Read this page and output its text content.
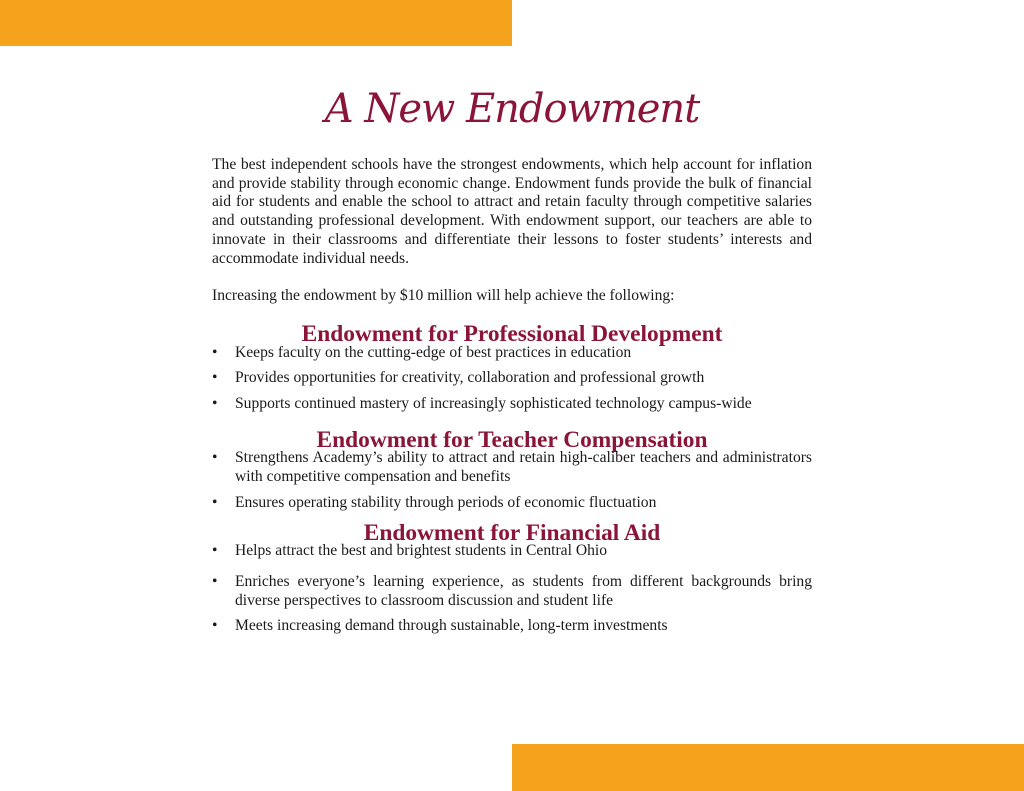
A New Endowment

The best independent schools have the strongest endowments, which help account for inflation and provide stability through economic change. Endowment funds provide the bulk of financial aid for students and enable the school to attract and retain faculty through competitive salaries and outstanding professional development. With endowment support, our teachers are able to innovate in their classrooms and differentiate their lessons to foster students’ interests and accommodate individual needs.

Increasing the endowment by $10 million will help achieve the following:

Endowment for Professional Development
• Keeps faculty on the cutting-edge of best practices in education
• Provides opportunities for creativity, collaboration and professional growth
• Supports continued mastery of increasingly sophisticated technology campus-wide
Endowment for Teacher Compensation
• Strengthens Academy’s ability to attract and retain high-caliber teachers and administrators with competitive compensation and benefits
• Ensures operating stability through periods of economic fluctuation
Endowment for Financial Aid
• Helps attract the best and brightest students in Central Ohio
• Enriches everyone’s learning experience, as students from different backgrounds bring diverse perspectives to classroom discussion and student life
• Meets increasing demand through sustainable, long-term investments
